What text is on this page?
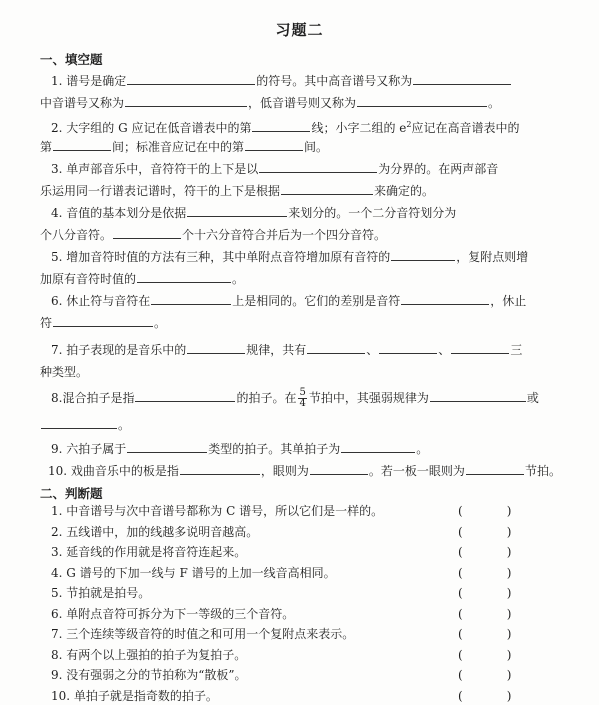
习题二
一、填空题
1. 谱号是确定	的符号。其中高音谱号又称为
中音谱号又称为	，低音谱号则又称为	。
2. 大字组的 G 应记在低音谱表中的第	线；小字二组的 $e^2$应记在高音谱表中的
第	间；标准音应记在中的第	间。
3. 单声部音乐中，音符符干的上下是以	为分界的。在两声部音
乐运用同一行谱表记谱时，符干的上下是根据	来确定的。
4. 音值的基本划分是依据	来划分的。一个二分音符划分为
个八分音符。	个十六分音符合并后为一个四分音符。
5. 增加音符时值的方法有三种，其中单附点音符增加原有音符的	，复附点则增
加原有音符时值的	。
6. 休止符与音符在	上是相同的。它们的差别是音符	，休止
符	。
7. 拍子表现的是音乐中的	规律，共有	、	、	三
种类型。
8.混合拍子是指	的拍子。在 $\frac{5}{4}$ 节拍中，其强弱规律为	或
。
9. 六拍子属于	类型的拍子。其单拍子为	。
10. 戏曲音乐中的板是指	，眼则为	。若一板一眼则为	节拍。
二、判断题
1. 中音谱号与次中音谱号都称为 C 谱号，所以它们是一样的。	(	)
2. 五线谱中，加的线越多说明音越高。	(	)
3. 延音线的作用就是将音符连起来。	(	)
4. G 谱号的下加一线与 F 谱号的上加一线音高相同。	(	)
5. 节拍就是拍号。	(	)
6. 单附点音符可拆分为下一等级的三个音符。	(	)
7. 三个连续等级音符的时值之和可用一个复附点来表示。	(	)
8. 有两个以上强拍的拍子为复拍子。	(	)
9. 没有强弱之分的节拍称为“散板”。	(	)
10. 单拍子就是指奇数的拍子。	(	)
